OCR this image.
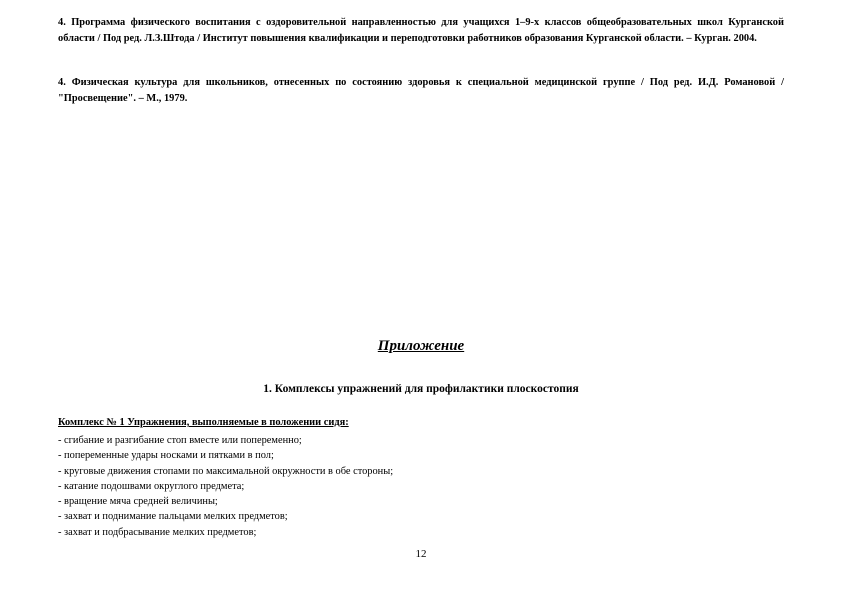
4. Программа физического воспитания с оздоровительной направленностью для учащихся 1–9-х классов общеобразовательных школ Курганской области / Под ред. Л.З.Штода / Институт повышения квалификации и переподготовки работников образования Курганской области. – Курган. 2004.

4. Физическая культура для школьников, отнесенных по состоянию здоровья к специальной медицинской группе / Под ред. И.Д. Романовой / "Просвещение". – М., 1979.

Приложение
1. Комплексы упражнений для профилактики плоскостопия

Комплекс № 1 Упражнения, выполняемые в положении сидя:

- сгибание и разгибание стоп вместе или попеременно;
- попеременные удары носками и пятками в пол;
- круговые движения стопами по максимальной окружности в обе стороны;
- катание подошвами округлого предмета;
- вращение мяча средней величины;
- захват и поднимание пальцами мелких предметов;
- захват и подбрасывание мелких предметов;
12
